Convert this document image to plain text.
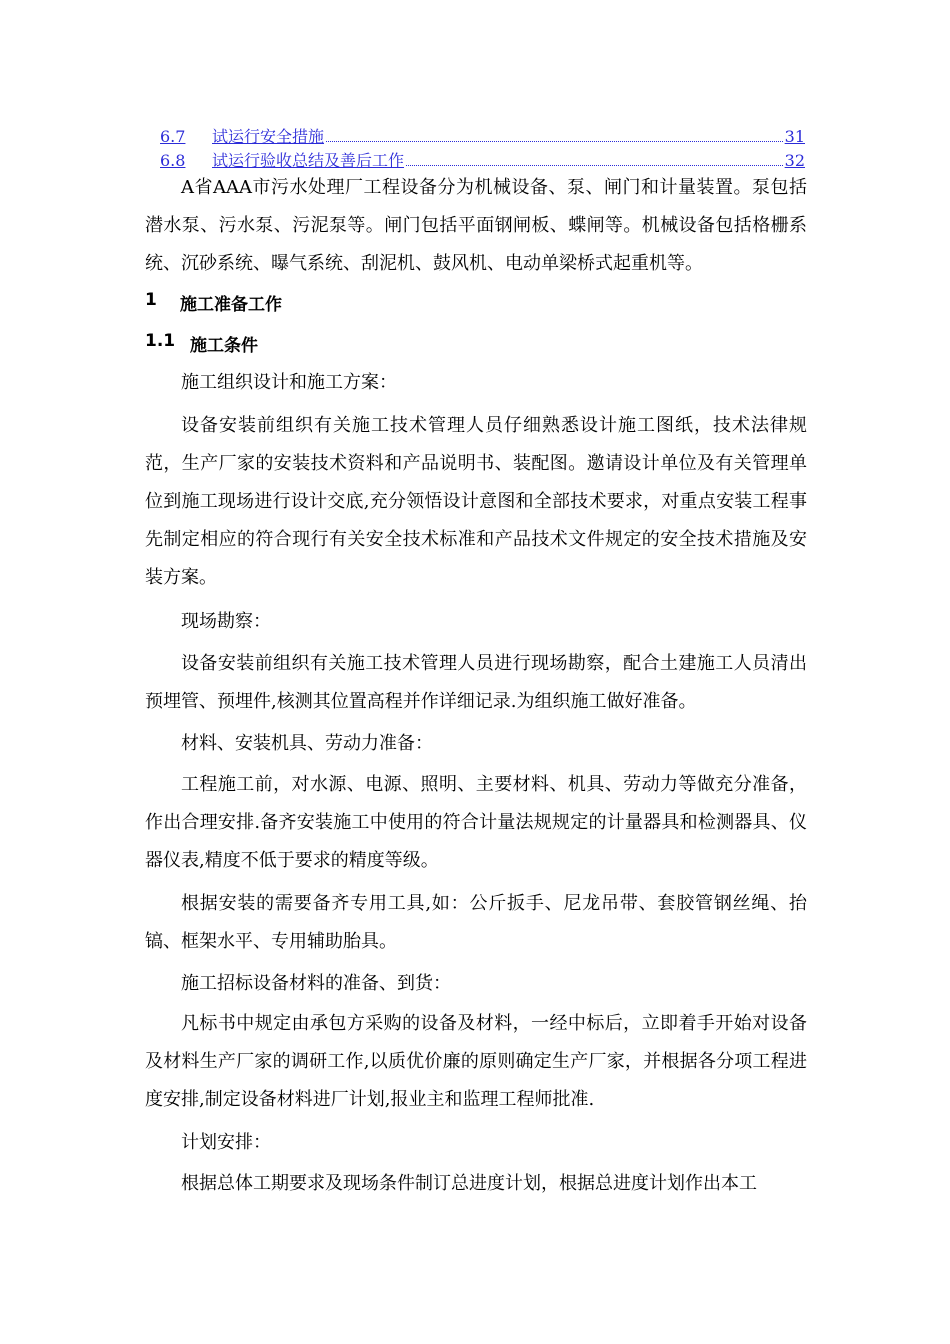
6.7	试运行安全措施	31
6.8	试运行验收总结及善后工作	32

A省AAA市污水处理厂工程设备分为机械设备、泵、闸门和计量装置。泵包括潜水泵、污水泵、污泥泵等。闸门包括平面钢闸板、蝶闸等。机械设备包括格栅系统、沉砂系统、曝气系统、刮泥机、鼓风机、电动单梁桥式起重机等。

1	施工准备工作
1.1 施工条件

施工组织设计和施工方案：

设备安装前组织有关施工技术管理人员仔细熟悉设计施工图纸，技术法律规范，生产厂家的安装技术资料和产品说明书、装配图。邀请设计单位及有关管理单位到施工现场进行设计交底,充分领悟设计意图和全部技术要求，对重点安装工程事先制定相应的符合现行有关安全技术标准和产品技术文件规定的安全技术措施及安装方案。

现场勘察：

设备安装前组织有关施工技术管理人员进行现场勘察，配合土建施工人员清出预埋管、预埋件,核测其位置高程并作详细记录.为组织施工做好准备。

材料、安装机具、劳动力准备：

工程施工前，对水源、电源、照明、主要材料、机具、劳动力等做充分准备，作出合理安排.备齐安装施工中使用的符合计量法规规定的计量器具和检测器具、仪器仪表,精度不低于要求的精度等级。

根据安装的需要备齐专用工具,如：公斤扳手、尼龙吊带、套胶管钢丝绳、抬镐、框架水平、专用辅助胎具。

施工招标设备材料的准备、到货：

凡标书中规定由承包方采购的设备及材料，一经中标后，立即着手开始对设备及材料生产厂家的调研工作,以质优价廉的原则确定生产厂家，并根据各分项工程进度安排,制定设备材料进厂计划,报业主和监理工程师批准.

计划安排：

根据总体工期要求及现场条件制订总进度计划，根据总进度计划作出本工
